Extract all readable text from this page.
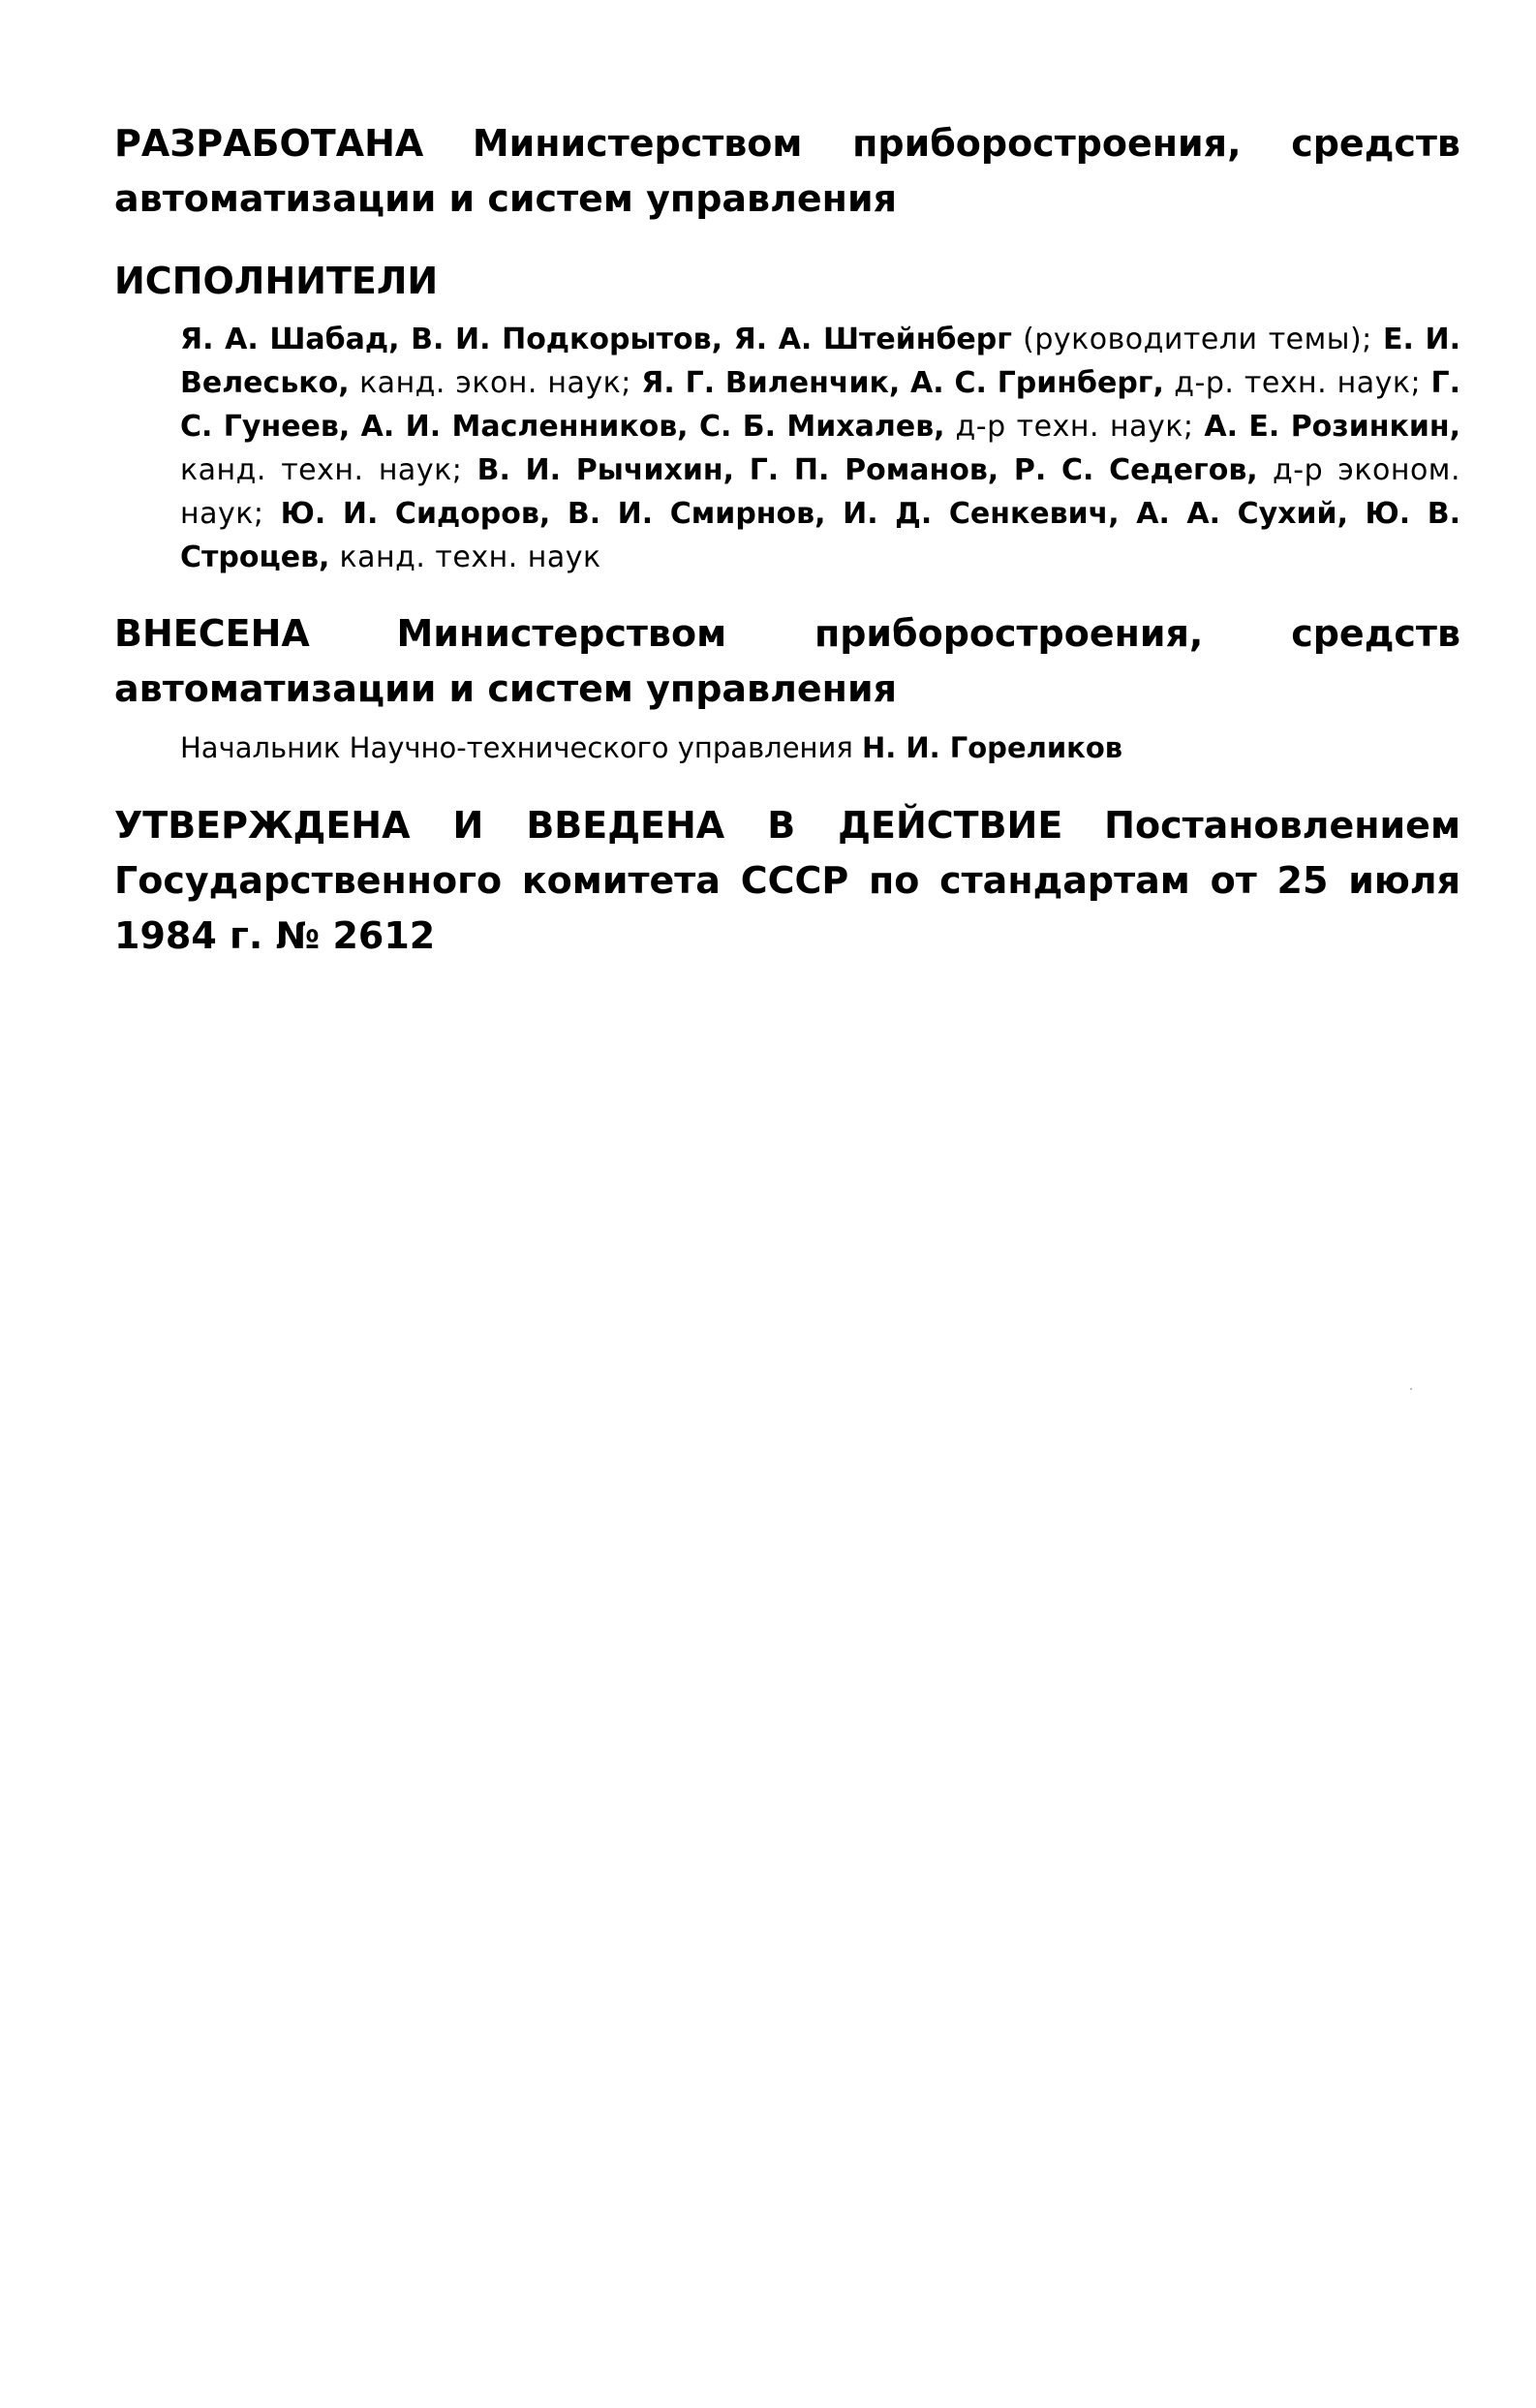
РАЗРАБОТАНА Министерством приборостроения, средств автоматизации и систем управления

ИСПОЛНИТЕЛИ

Я. А. Шабад, В. И. Подкорытов, Я. А. Штейнберг (руководители темы); Е. И. Велесько, канд. экон. наук; Я. Г. Виленчик, А. С. Гринберг, д-р. техн. наук; Г. С. Гунеев, А. И. Масленников, С. Б. Михалев, д-р техн. наук; А. Е. Розинкин, канд. техн. наук; В. И. Рычихин, Г. П. Романов, Р. С. Седегов, д-р эконом. наук; Ю. И. Сидоров, В. И. Смирнов, И. Д. Сенкевич, А. А. Сухий, Ю. В. Строцев, канд. техн. наук

ВНЕСЕНА Министерством приборостроения, средств автоматизации и систем управления

Начальник Научно-технического управления Н. И. Гореликов

УТВЕРЖДЕНА И ВВЕДЕНА В ДЕЙСТВИЕ Постановлением Государственного комитета СССР по стандартам от 25 июля 1984 г. № 2612
